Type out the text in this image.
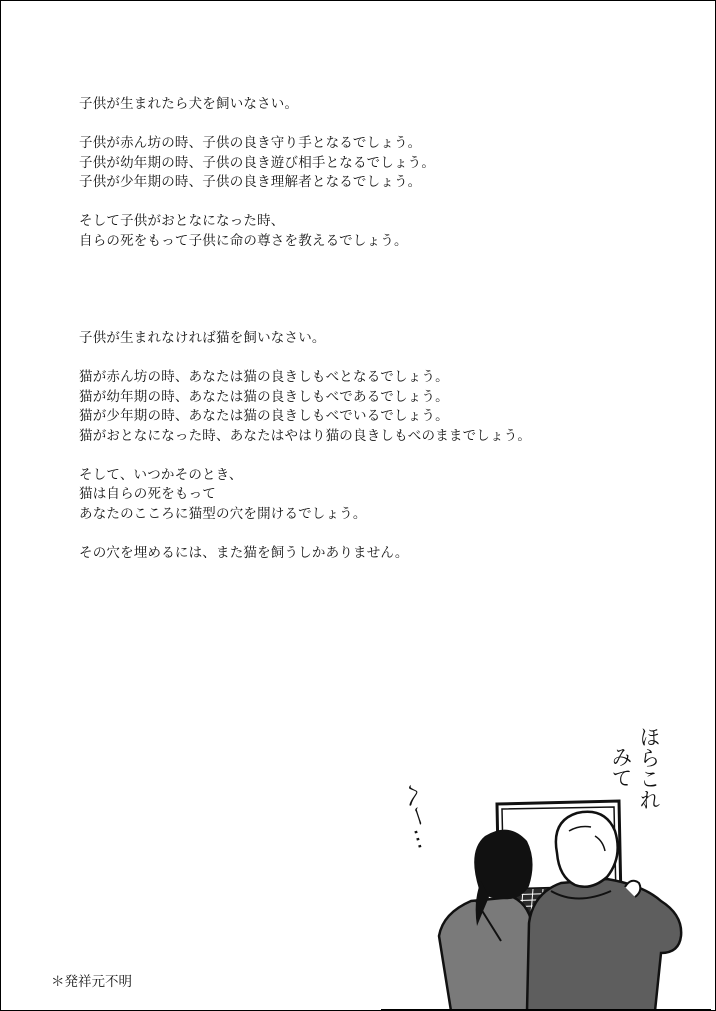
子供が生まれたら犬を飼いなさい。

子供が赤ん坊の時、子供の良き守り手となるでしょう。

子供が幼年期の時、子供の良き遊び相手となるでしょう。

子供が少年期の時、子供の良き理解者となるでしょう。

そして子供がおとなになった時、

自らの死をもって子供に命の尊さを教えるでしょう。

子供が生まれなければ猫を飼いなさい。

猫が赤ん坊の時、あなたは猫の良きしもべとなるでしょう。

猫が幼年期の時、あなたは猫の良きしもべであるでしょう。

猫が少年期の時、あなたは猫の良きしもべでいるでしょう。

猫がおとなになった時、あなたはやはり猫の良きしもべのままでしょう。

そして、いつかそのとき、

猫は自らの死をもって

あなたのこころに猫型の穴を開けるでしょう。

その穴を埋めるには、また猫を飼うしかありません。

＊発祥元不明
へー…
ほらこれ
みて
